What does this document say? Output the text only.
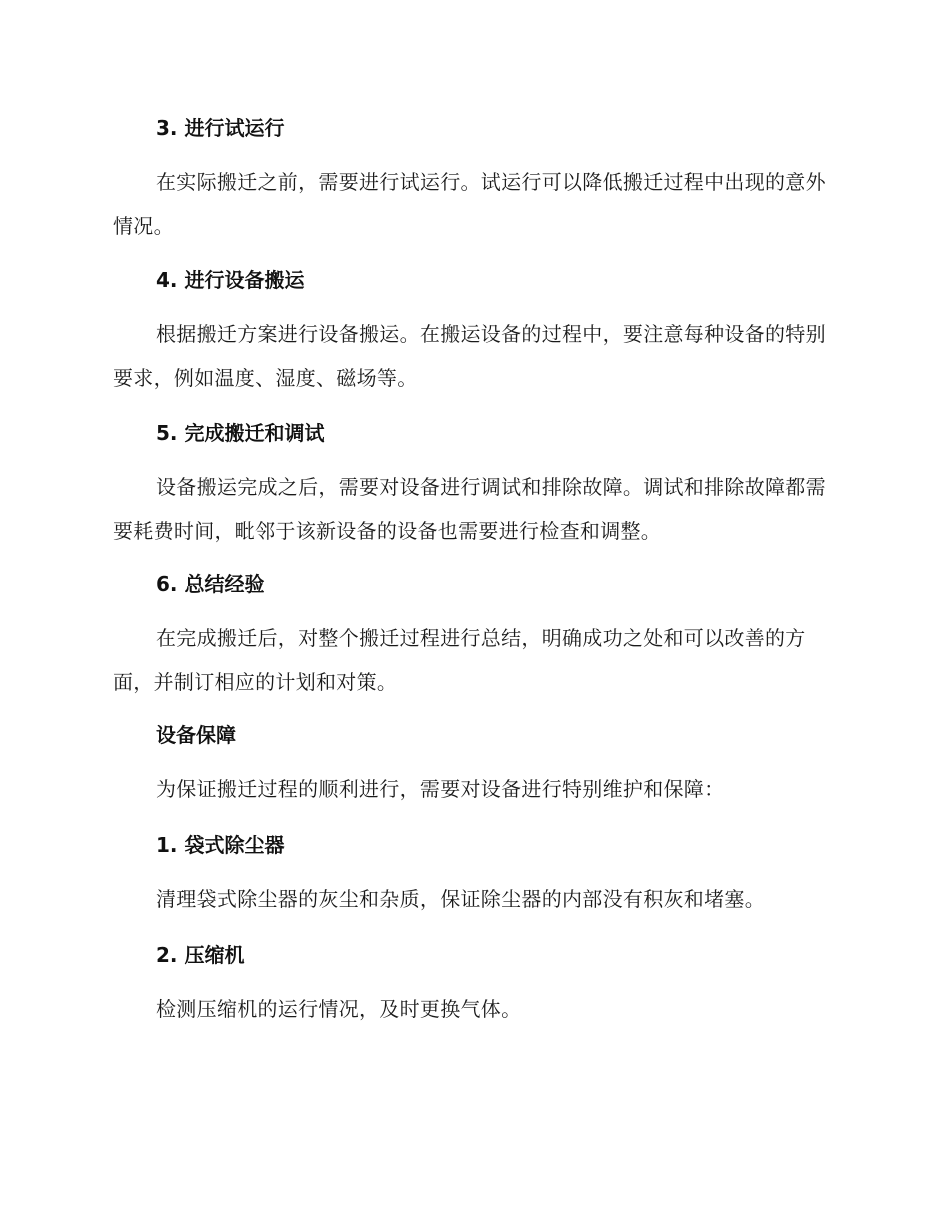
3. 进行试运行
在实际搬迁之前，需要进行试运行。试运行可以降低搬迁过程中出现的意外情况。
4. 进行设备搬运
根据搬迁方案进行设备搬运。在搬运设备的过程中，要注意每种设备的特别要求，例如温度、湿度、磁场等。
5. 完成搬迁和调试
设备搬运完成之后，需要对设备进行调试和排除故障。调试和排除故障都需要耗费时间，毗邻于该新设备的设备也需要进行检查和调整。
6. 总结经验
在完成搬迁后，对整个搬迁过程进行总结，明确成功之处和可以改善的方面，并制订相应的计划和对策。
设备保障
为保证搬迁过程的顺利进行，需要对设备进行特别维护和保障：
1. 袋式除尘器
清理袋式除尘器的灰尘和杂质，保证除尘器的内部没有积灰和堵塞。
2. 压缩机
检测压缩机的运行情况，及时更换气体。
